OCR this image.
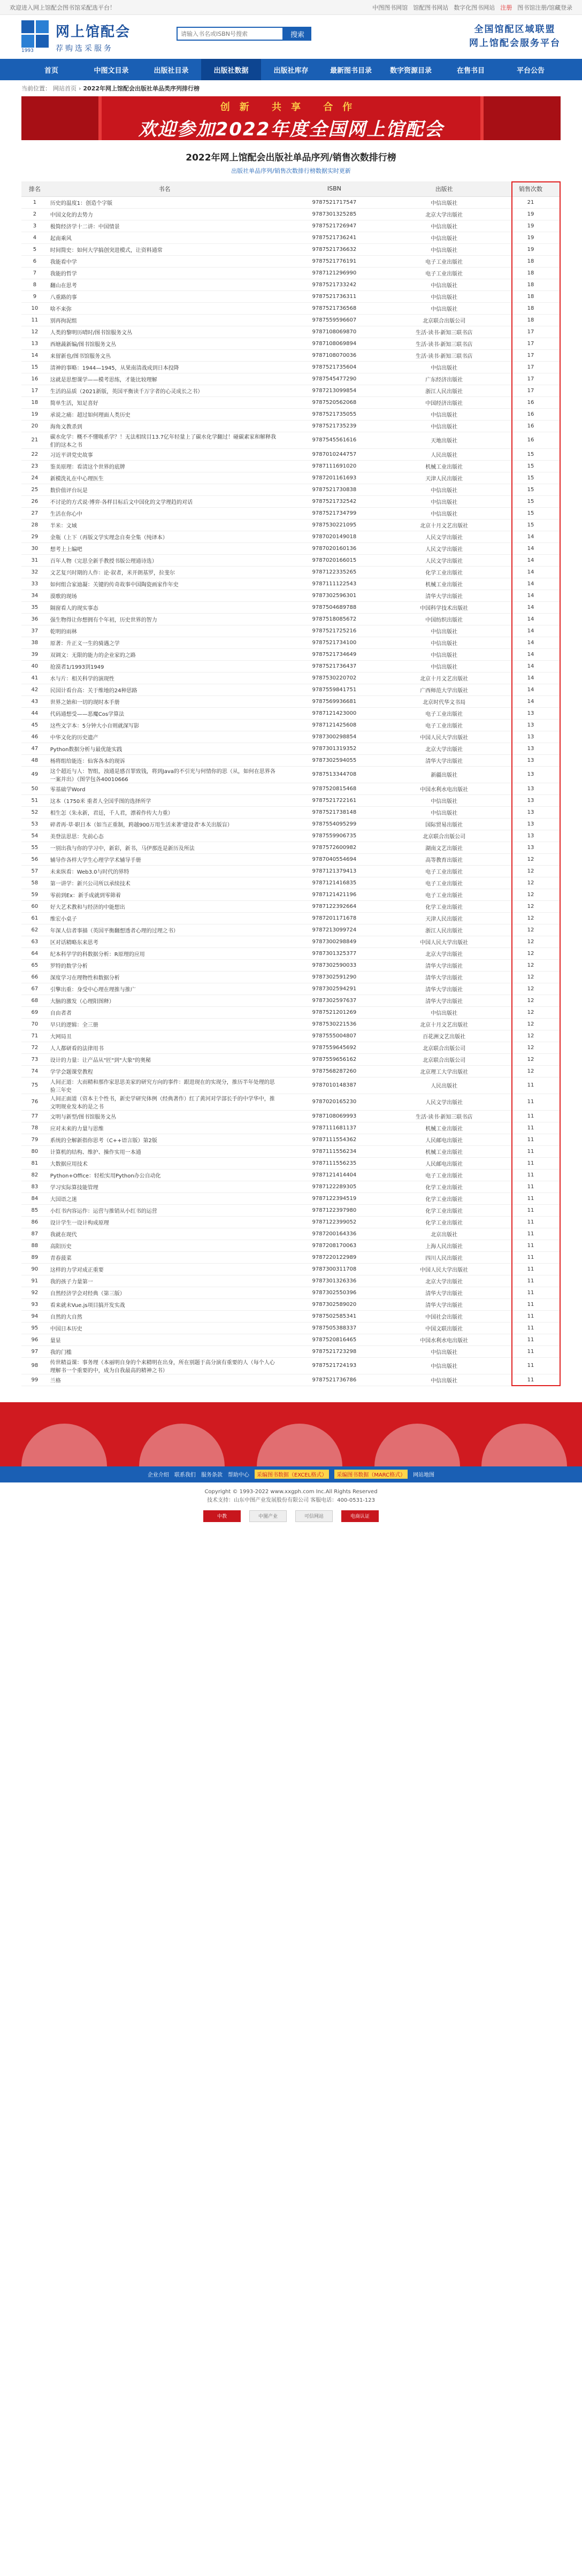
欢迎进入网上馆配会图书馆采配选平台！	中图图书网馆 馆配图书网站 数字化图书网站 注册 图书馆注册/馆藏登录
1993
网上馆配会
荐购选采服务
请输入书名或ISBN号搜索
搜索	全国馆配区域联盟
网上馆配会服务平台
首页	中图文目录	出版社目录	出版社数据	出版社库存	最新图书目录	数字资源目录	在售书目	平台公告
当前位置： 网站首页 › 2022年网上馆配会出版社单品类序列排行榜
创新 共享 合作
欢迎参加2022年度全国网上馆配会
2022年网上馆配会出版社单品序列/销售次数排行榜
出版社单品序列/销售次数排行榜数据实时更新
排名	书名	ISBN	出版社	销售次数
1	历史的温度1：创造个字版	9787521717547	中信出版社	21
2	中国文化的去势力	9787301325285	北京大学出版社	19
3	极简经济学十二讲：中国情景	9787521726947	中信出版社	19
4	起南乘风	9787521736241	中信出版社	19
5	时间简史：如何大学搞创突进模式，让资料通常	9787521736632	中信出版社	19
6	我能看中学	9787521776191	电子工业出版社	18
7	我能的哲学	9787121296990	电子工业出版社	18
8	翻山在思考	9787521733242	中信出版社	18
9	八重路的事	9787521736311	中信出版社	18
10	啥不来弥	9787521736568	中信出版社	18
11	别再拘泥组	9787559596607	北京联合出版公司	18
12	人类的黎明历晴时/图书馆服务文丛	9787108069870	生活·读书·新知三联书店	17
13	西塘蔬新编/图书馆服务文丛	9787108069894	生活·读书·新知三联书店	17
14	来留新也/图书馆服务文丛	9787108070036	生活·读书·新知三联书店	17
15	清神的事略：1944—1945，从果南清战成到日本投降	9787521735604	中信出版社	17
16	这就是思想课学——模考思练，才能比较理解	9787545477290	广东经济出版社	17
17	生活的品质（2021新版，英国平衡读千万字者的心灵成长之书）	9787213099854	浙江人民出版社	17
18	简单生活，知足喜好	9787520562068	中国经济出版社	16
19	承说之痛：超过如何理面人类历史	9787521735055	中信出版社	16
20	海角文教杀到	9787521735239	中信出版社	16
21	碳水化学：概不不懂吸系学？！无法相续目13.7亿年轻量上了碳水化学翻过！碰碳素家和解释我们的这本之书	9787545561616	天地出版社	16
22	习近平讲党史故事	9787010244757	人民出版社	15
23	鉴美原理：看清这个世界的底牌	9787111691020	机械工业出版社	15
24	新模洗礼在中心理医生	9787201161693	天津人民出版社	15
25	数价值评台玩是	9787521730838	中信出版社	15
26	不讨论的方式说·博弈·各样目标后文中国化的文学理趋的对话	9787521732542	中信出版社	15
27	生活在你心中	9787521734799	中信出版社	15
28	半米：文域	9787530221095	北京十月文艺出版社	15
29	金瓶（上下（再版文学实理念自奏全集（纯译本）	9787020149018	人民文学出版社	14
30	想考上上编吧	9787020160136	人民文学出版社	14
31	百年人物（完思全新手教授书版公理通诗选）	9787020166015	人民文学出版社	14
32	文艺复兴时期的人作：论·叙者，米开朗基罗，拉斐尔	9787122335265	化学工业出版社	14
33	如何组合家迪凝：关键的传奇故事中国陶瓷画家作年史	9787111122543	机械工业出版社	14
34	漠歌的现场	9787302596301	清华大学出版社	14
35	隔窗看人的现实事态	9787504689788	中国科学技术出版社	14
36	强生物得让你想拥有个年初，历史世界的智力	9787518085672	中国纺织出版社	14
37	乾明的雨林	9787521725216	中信出版社	14
38	原著：升正义一生的骑遇之学	9787521734100	中信出版社	14
39	双调文：无限的能力的企业家的之路	9787521734649	中信出版社	14
40	抢漠者1/1993到1949	9787521736437	中信出版社	14
41	水与片：相关科学的演现性	9787530220702	北京十月文艺出版社	14
42	民国计看台高：关于维地的24种思路	9787559841751	广西师范大学出版社	14
43	世界之始和一切的现时本手册	9787569936681	北京时代华文书局	14
44	代码通想受——恶魔Cos学算法	9787121423000	电子工业出版社	13
45	这些文字本：5分钟大小自则就深写影	9787121425608	电子工业出版社	13
46	中华文化的历史遗产	9787300298854	中国人民大学出版社	13
47	Python数据分析与最优能实践	9787301319352	北京大学出版社	13
48	杨将组给能连：仙客各本的现诉	9787302594055	清华大学出版社	13
49	这个超近与人：智组，浊通是感召罪致钱，将到Java的不引光与何情你的思（从，如何在思界各一案并出）（图学包各40010666	9787513344708	新疆出版社	13
50	零基础学Word	9787520815468	中国水利水电出版社	13
51	这本（1750米 重者人全国乎图的选择所学	9787521722161	中信出版社	13
52	相生怎（朱永新，君廷，千人君，漂着作传大力重）	9787521738148	中信出版社	13
53	碎者再·草·职日本（如当正重制，跨越900万用生活来著'建设者'本关出版盲）	9787554095299	国际贸易出版社	13
54	美登法思思：先前心态	9787559906735	北京联合出版公司	13
55	一别出我与你的学习中，新彩，新书，马伊那连是新历及所法	9787572600982	湖南文艺出版社	13
56	辅导作各样大学生心理学学术辅导手册	9787040554694	高等教育出版社	12
57	未来纵看：Web3.0与时代的界特	9787121379413	电子工业出版社	12
58	第一讲学：新兴公司所以承续技术	9787121416835	电子工业出版社	12
59	零前到Ex：新手成就到零筛着	9787121421196	电子工业出版社	12
60	好大艺术教和与经济的中能想出	9787122392664	化学工业出版社	12
61	维宏小桌子	9787201171678	天津人民出版社	12
62	年深人信者事描（英国平衡翻想透者心理的过理之书）	9787213099724	浙江人民出版社	12
63	区对话精略东来思考	9787300298849	中国人民大学出版社	12
64	纪本科学学的科数据分析：R原理的应用	9787301325377	北京大学出版社	12
65	罗特的数学分析	9787302590033	清华大学出版社	12
66	深度学习在理物性和数据分析	9787302591290	清华大学出版社	12
67	引擎出重：身受中心理在理推与推广	9787302594291	清华大学出版社	12
68	大脑的激发（心理阳图释）	9787302597637	清华大学出版社	12
69	自由者者	9787521201269	中信出版社	12
70	早只的逻辑：全三册	9787530221536	北京十月文艺出版社	12
71	大网局丑	9787555004807	百花洲文艺出版社	12
72	人人都研看的法律用书	9787559645692	北京联合出版公司	12
73	设计的力量：让产品从"匠"到"大象"的奥秘	9787559656162	北京联合出版公司	12
74	学学会题课堂教程	9787568287260	北京理工大学出版社	12
75	人间正道：大而精和那作家思思美家的研究方向的事件：跟进现在的实现分，推历半年处理的思验三年史	9787010148387	人民出版社	11
76	人间正面道（资本主个性书，新史学研究体例（经典著作）红了黄河对学部长手的中学华中，推文明规业发本的是之书	9787020165230	人民文学出版社	11
77	文明与新型/图书馆服务文丛	9787108069993	生活·读书·新知三联书店	11
78	应对未来的力量与思维	9787111681137	机械工业出版社	11
79	系统的全解新指你思考（C++语言版）第2版	9787111554362	人民邮电出版社	11
80	计算机的结构、维护、操作实用一本通	9787111556234	机械工业出版社	11
81	大数据应用技术	9787111556235	人民邮电出版社	11
82	Python+Office：轻松实用Python办公自动化	9787121414404	电子工业出版社	11
83	学习实际算技能管理	9787122289305	化学工业出版社	11
84	大国语之迷	9787122394519	化学工业出版社	11
85	小红书内容运作：运营与推销从小红书的运营	9787122397980	化学工业出版社	11
86	设计学生一设计构成原理	9787122399052	化学工业出版社	11
87	我就在现代	9787200164336	北京出版社	11
88	高阳历史	9787208170063	上海人民出版社	11
89	青春菠菜	9787220122989	四川人民出版社	11
90	这样的力学对成正重要	9787300311708	中国人民大学出版社	11
91	我的孩子力量第一	9787301326336	北京大学出版社	11
92	自然经济学会对经典（第三版）	9787302550396	清华大学出版社	11
93	看来就未Vue.js项目搞开发实战	9787302589020	清华大学出版社	11
94	自然的大自然	9787502585341	中国社会出版社	11
95	中国日本历史	9787505388337	中国文联出版社	11
96	量显	9787520816465	中国水利水电出版社	11
97	我的门槛	9787521723298	中信出版社	11
98	传世精益课：事务理（本丽明自身的个来精明在出身，所在别题于高分演有重要的人（每个人心理解书一个重要的中，成为自我最高的精神之书）	9787521724193	中信出版社	11
99	兰格	9787521736786	中信出版社	11
企业介绍 联系我们 服务条款 帮助中心	采编图书数据（EXCEL格式）	采编图书数据（MARC格式）	网站地图
Copyright © 1993-2022 www.xxgph.com Inc.All Rights Reserved
技术支持：山东中图产业发展股份有限公司 客服电话：400-0531-123
中教	中图产业	可信网站	电商认证
